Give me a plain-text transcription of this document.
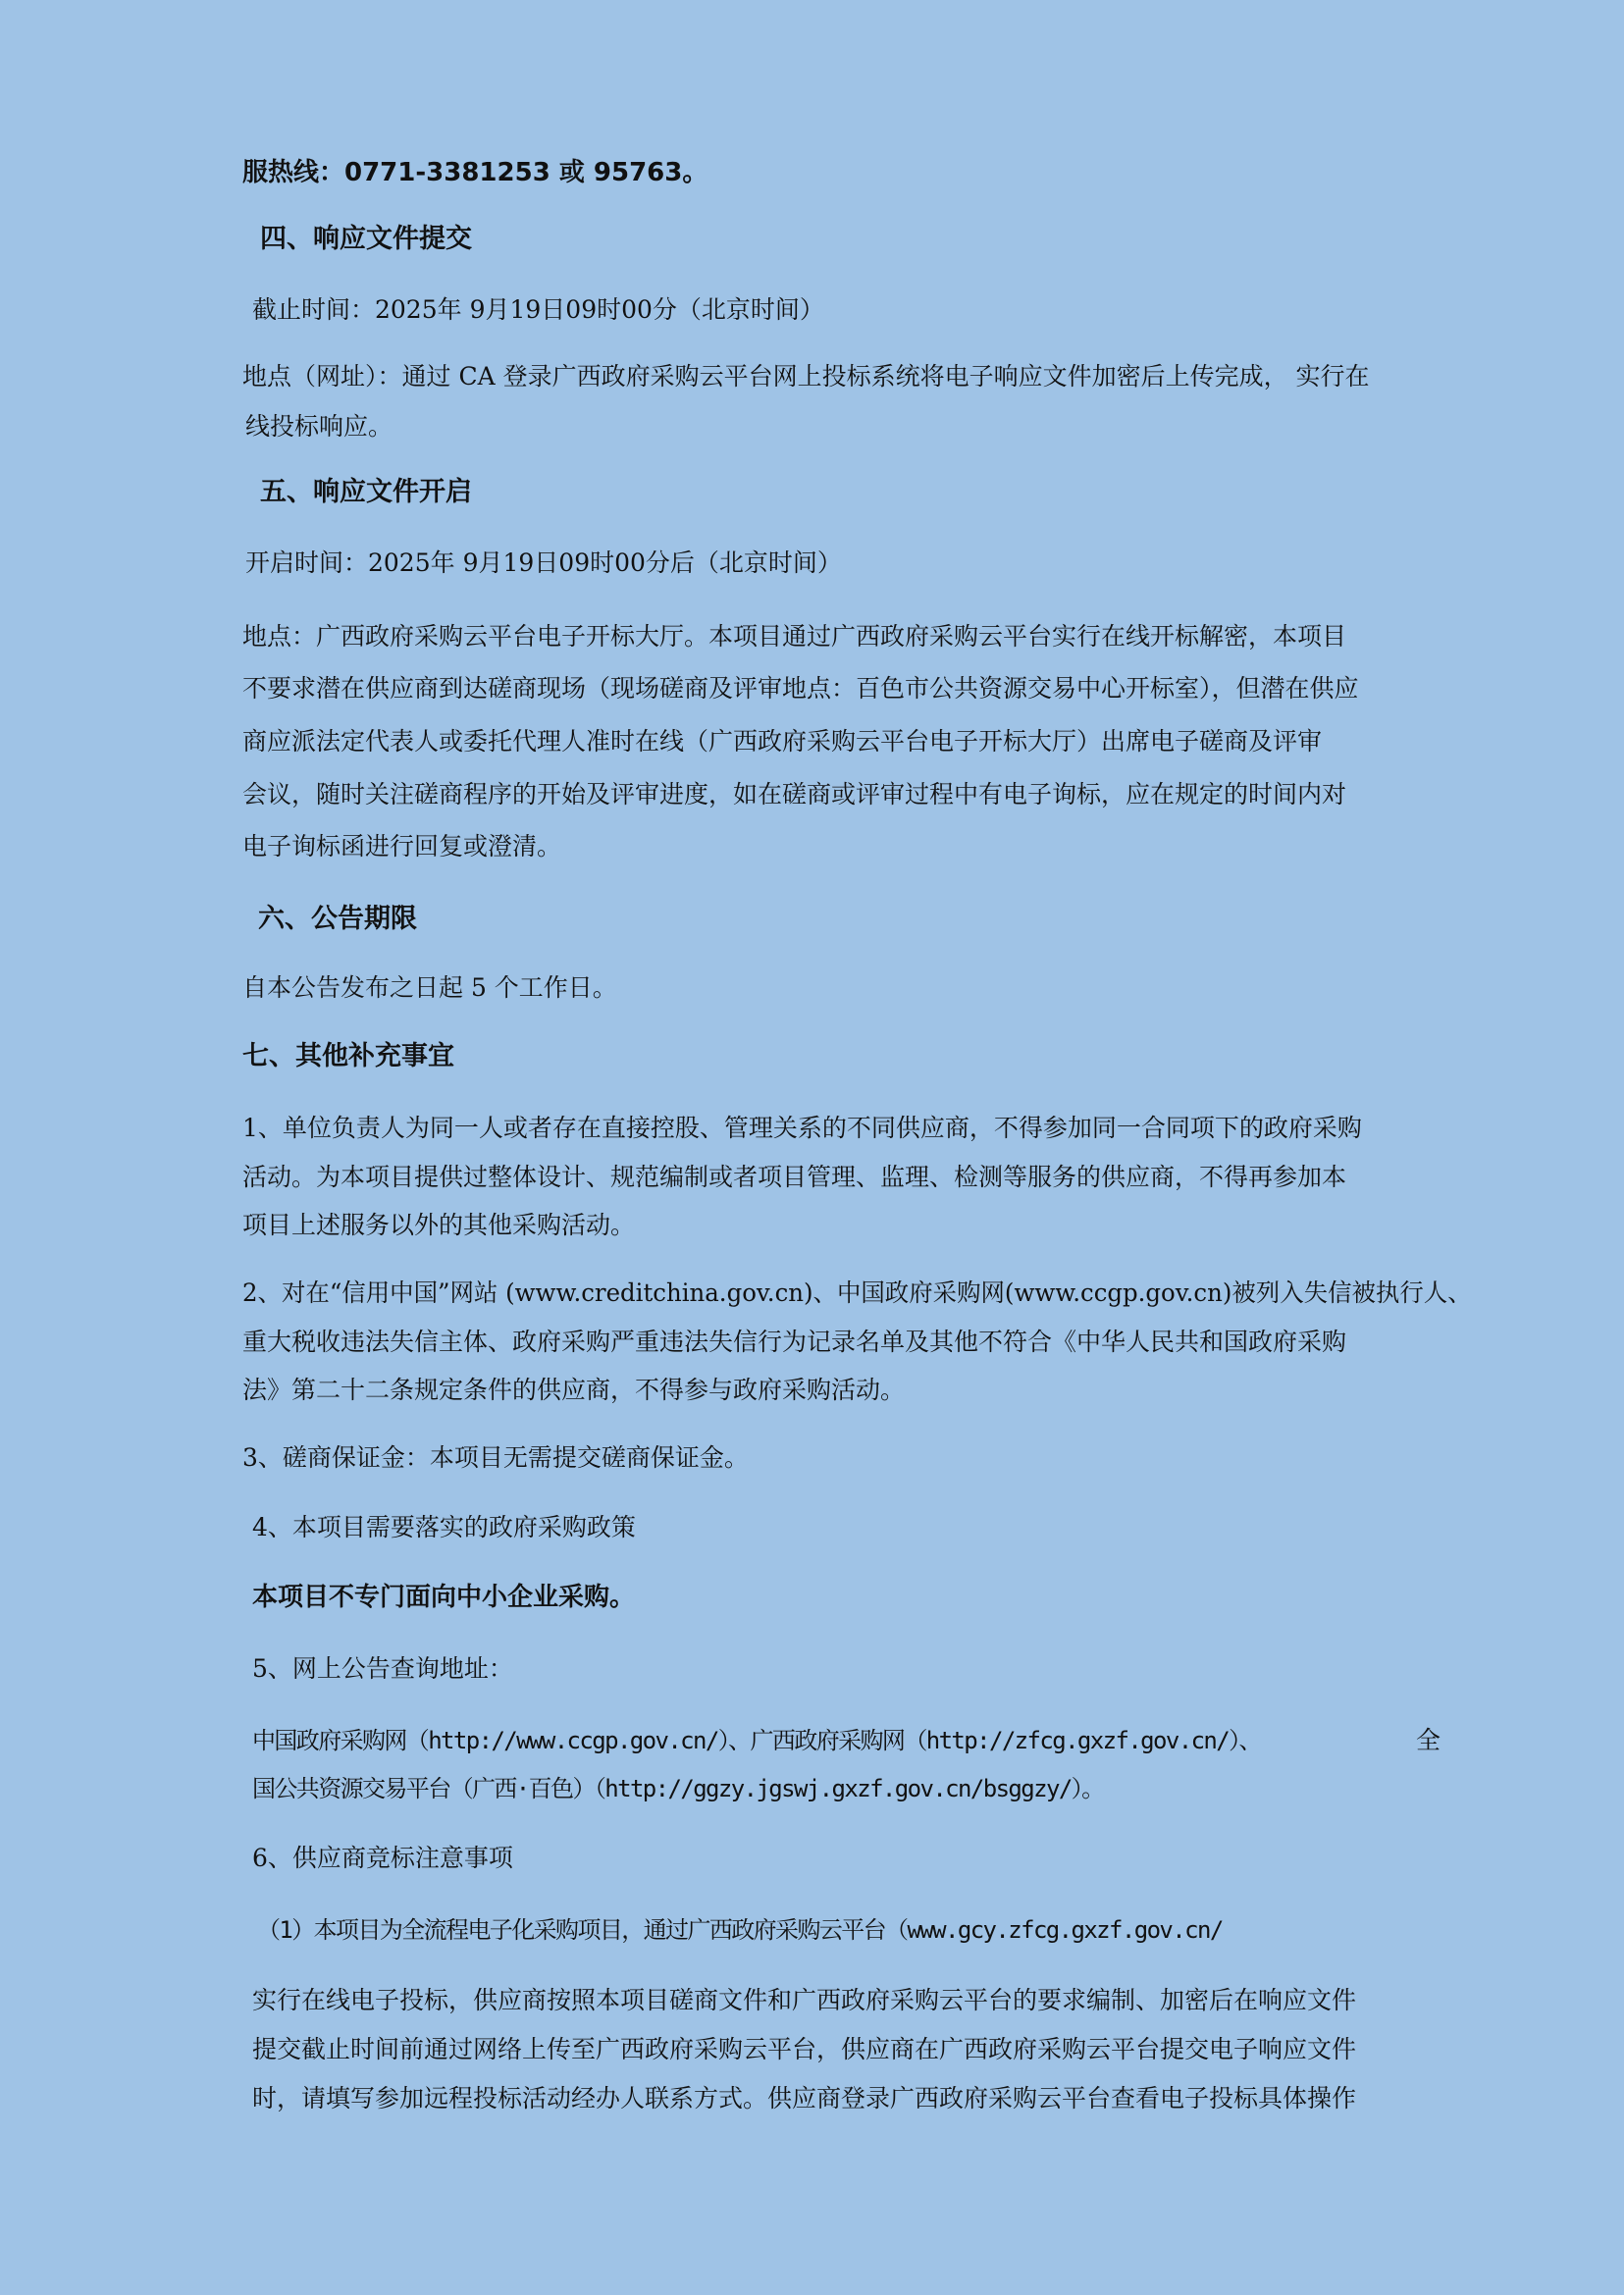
服热线：0771-3381253 或 95763。
四、响应文件提交
截止时间：2025年 9月19日09时00分（北京时间）
地点（网址）：通过 CA 登录广西政府采购云平台网上投标系统将电子响应文件加密后上传完成， 实行在
线投标响应。
五、响应文件开启
开启时间：2025年 9月19日09时00分后（北京时间）
地点：广西政府采购云平台电子开标大厅。本项目通过广西政府采购云平台实行在线开标解密，本项目
不要求潜在供应商到达磋商现场（现场磋商及评审地点：百色市公共资源交易中心开标室），但潜在供应
商应派法定代表人或委托代理人准时在线（广西政府采购云平台电子开标大厅）出席电子磋商及评审
会议，随时关注磋商程序的开始及评审进度，如在磋商或评审过程中有电子询标，应在规定的时间内对
电子询标函进行回复或澄清。
六、公告期限
自本公告发布之日起 5 个工作日。
七、其他补充事宜
1、单位负责人为同一人或者存在直接控股、管理关系的不同供应商，不得参加同一合同项下的政府采购
活动。为本项目提供过整体设计、规范编制或者项目管理、监理、检测等服务的供应商，不得再参加本
项目上述服务以外的其他采购活动。
2、对在“信用中国”网站 (www.creditchina.gov.cn)、中国政府采购网(www.ccgp.gov.cn)被列入失信被执行人、
重大税收违法失信主体、政府采购严重违法失信行为记录名单及其他不符合《中华人民共和国政府采购
法》第二十二条规定条件的供应商，不得参与政府采购活动。
3、磋商保证金：本项目无需提交磋商保证金。
4、本项目需要落实的政府采购政策
本项目不专门面向中小企业采购。
5、网上公告查询地址：
中国政府采购网（http://www.ccgp.gov.cn/）、广西政府采购网（http://zfcg.gxzf.gov.cn/）、	全
国公共资源交易平台（广西·百色）（http://ggzy.jgswj.gxzf.gov.cn/bsggzy/）。
6、供应商竞标注意事项
（1）本项目为全流程电子化采购项目，通过广西政府采购云平台（www.gcy.zfcg.gxzf.gov.cn/
实行在线电子投标，供应商按照本项目磋商文件和广西政府采购云平台的要求编制、加密后在响应文件
提交截止时间前通过网络上传至广西政府采购云平台，供应商在广西政府采购云平台提交电子响应文件
时，请填写参加远程投标活动经办人联系方式。供应商登录广西政府采购云平台查看电子投标具体操作
